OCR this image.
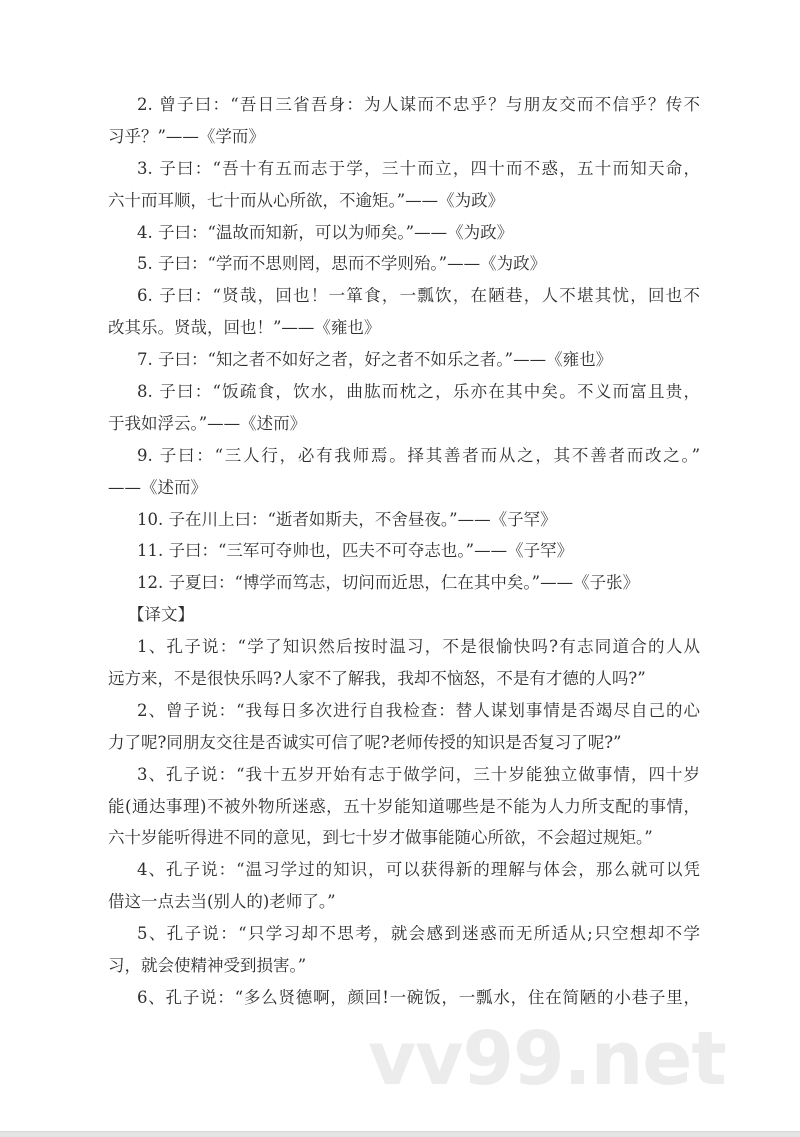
2. 曾子曰：“吾日三省吾身：为人谋而不忠乎？与朋友交而不信乎？传不
习乎？”——《学而》
3. 子曰：“吾十有五而志于学，三十而立，四十而不惑，五十而知天命，
六十而耳顺，七十而从心所欲，不逾矩。”——《为政》
4. 子曰：“温故而知新，可以为师矣。”——《为政》
5. 子曰：“学而不思则罔，思而不学则殆。”——《为政》
6. 子曰：“贤哉，回也！一箪食，一瓢饮，在陋巷，人不堪其忧，回也不
改其乐。贤哉，回也！”——《雍也》
7. 子曰：“知之者不如好之者，好之者不如乐之者。”——《雍也》
8. 子曰：“饭疏食，饮水，曲肱而枕之，乐亦在其中矣。不义而富且贵，
于我如浮云。”——《述而》
9. 子曰：“三人行，必有我师焉。择其善者而从之，其不善者而改之。”
——《述而》
10. 子在川上曰：“逝者如斯夫，不舍昼夜。”——《子罕》
11. 子曰：“三军可夺帅也，匹夫不可夺志也。”——《子罕》
12. 子夏曰：“博学而笃志，切问而近思，仁在其中矣。”——《子张》
【译文】
1、孔子说：“学了知识然后按时温习，不是很愉快吗?有志同道合的人从
远方来，不是很快乐吗?人家不了解我，我却不恼怒，不是有才德的人吗?”
2、曾子说：“我每日多次进行自我检查：替人谋划事情是否竭尽自己的心
力了呢?同朋友交往是否诚实可信了呢?老师传授的知识是否复习了呢?”
3、孔子说：“我十五岁开始有志于做学问，三十岁能独立做事情，四十岁
能(通达事理)不被外物所迷惑，五十岁能知道哪些是不能为人力所支配的事情，
六十岁能听得进不同的意见，到七十岁才做事能随心所欲，不会超过规矩。”
4、孔子说：“温习学过的知识，可以获得新的理解与体会，那么就可以凭
借这一点去当(别人的)老师了。”
5、孔子说：“只学习却不思考，就会感到迷惑而无所适从;只空想却不学
习，就会使精神受到损害。”
6、孔子说：“多么贤德啊，颜回!一碗饭，一瓢水，住在简陋的小巷子里，
vv99.net
